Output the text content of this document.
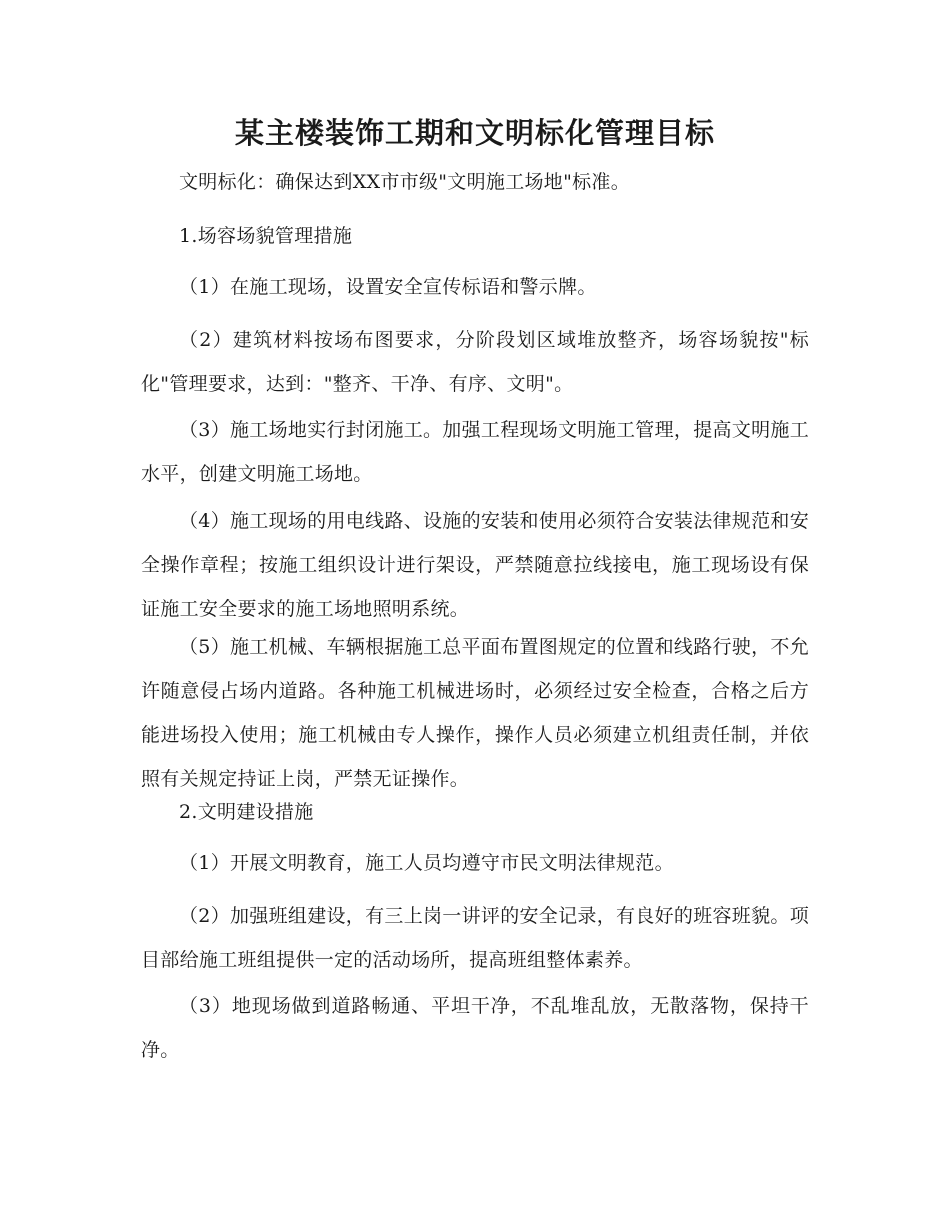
某主楼装饰工期和文明标化管理目标

文明标化：确保达到XX市市级"文明施工场地"标准。

1.场容场貌管理措施

（1）在施工现场，设置安全宣传标语和警示牌。

（2）建筑材料按场布图要求，分阶段划区域堆放整齐，场容场貌按"标化"管理要求，达到："整齐、干净、有序、文明"。

（3）施工场地实行封闭施工。加强工程现场文明施工管理，提高文明施工水平，创建文明施工场地。

（4）施工现场的用电线路、设施的安装和使用必须符合安装法律规范和安全操作章程；按施工组织设计进行架设，严禁随意拉线接电，施工现场设有保证施工安全要求的施工场地照明系统。

（5）施工机械、车辆根据施工总平面布置图规定的位置和线路行驶，不允许随意侵占场内道路。各种施工机械进场时，必须经过安全检查，合格之后方能进场投入使用；施工机械由专人操作，操作人员必须建立机组责任制，并依照有关规定持证上岗，严禁无证操作。

2.文明建设措施

（1）开展文明教育，施工人员均遵守市民文明法律规范。

（2）加强班组建设，有三上岗一讲评的安全记录，有良好的班容班貌。项目部给施工班组提供一定的活动场所，提高班组整体素养。

（3）地现场做到道路畅通、平坦干净，不乱堆乱放，无散落物，保持干净。
